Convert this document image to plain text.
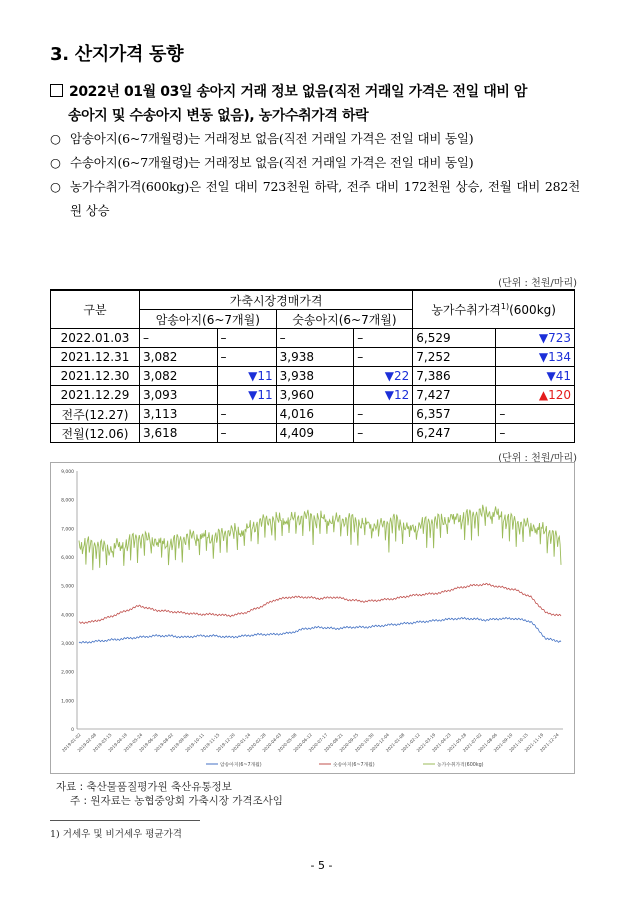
3. 산지가격 동향
2022년 01월 03일 송아지 거래 정보 없음(직전 거래일 가격은 전일 대비 암
송아지 및 수송아지 변동 없음), 농가수취가격 하락
○ 암송아지(6~7개월령)는 거래정보 없음(직전 거래일 가격은 전일 대비 동일)
○ 수송아지(6~7개월령)는 거래정보 없음(직전 거래일 가격은 전일 대비 동일)
○ 농가수취가격(600kg)은 전일 대비 723천원 하락, 전주 대비 172천원 상승, 전월 대비 282천원 상승
(단위 : 천원/마리)
구분	가축시장경매가격				농가수취가격$^{1)}$(600kg)	
	암송아지(6~7개월)		숫송아지(6~7개월)			
2022.01.03	–	–	–	–	6,529	▼723
2021.12.31	3,082	–	3,938	–	7,252	▼134
2021.12.30	3,082	▼11	3,938	▼22	7,386	▼41
2021.12.29	3,093	▼11	3,960	▼12	7,427	▲120
전주(12.27)	3,113	–	4,016	–	6,357	–
전월(12.06)	3,618	–	4,409	–	6,247	–
(단위 : 천원/마리)
0
1,000
2,000
3,000
4,000
5,000
6,000
7,000
8,000
9,000
2019-01-02
2019-02-08
2019-03-15
2019-04-19
2019-05-24
2019-06-28
2019-08-02
2019-09-06
2019-10-11
2019-11-15
2019-12-20
2020-01-24
2020-02-28
2020-04-03
2020-05-08
2020-06-12
2020-07-17
2020-08-21
2020-09-25
2020-10-30
2020-12-04
2021-01-08
2021-02-12
2021-03-19
2021-04-23
2021-05-28
2021-07-02
2021-08-06
2021-09-10
2021-10-15
2021-11-19
2021-12-24
암송아지(6~7개월)	숫송아지(6~7개월)	농가수취가격(600kg)
자료 : 축산물품질평가원 축산유통정보
주 : 원자료는 농협중앙회 가축시장 가격조사임
1) 거세우 및 비거세우 평균가격
- 5 -
